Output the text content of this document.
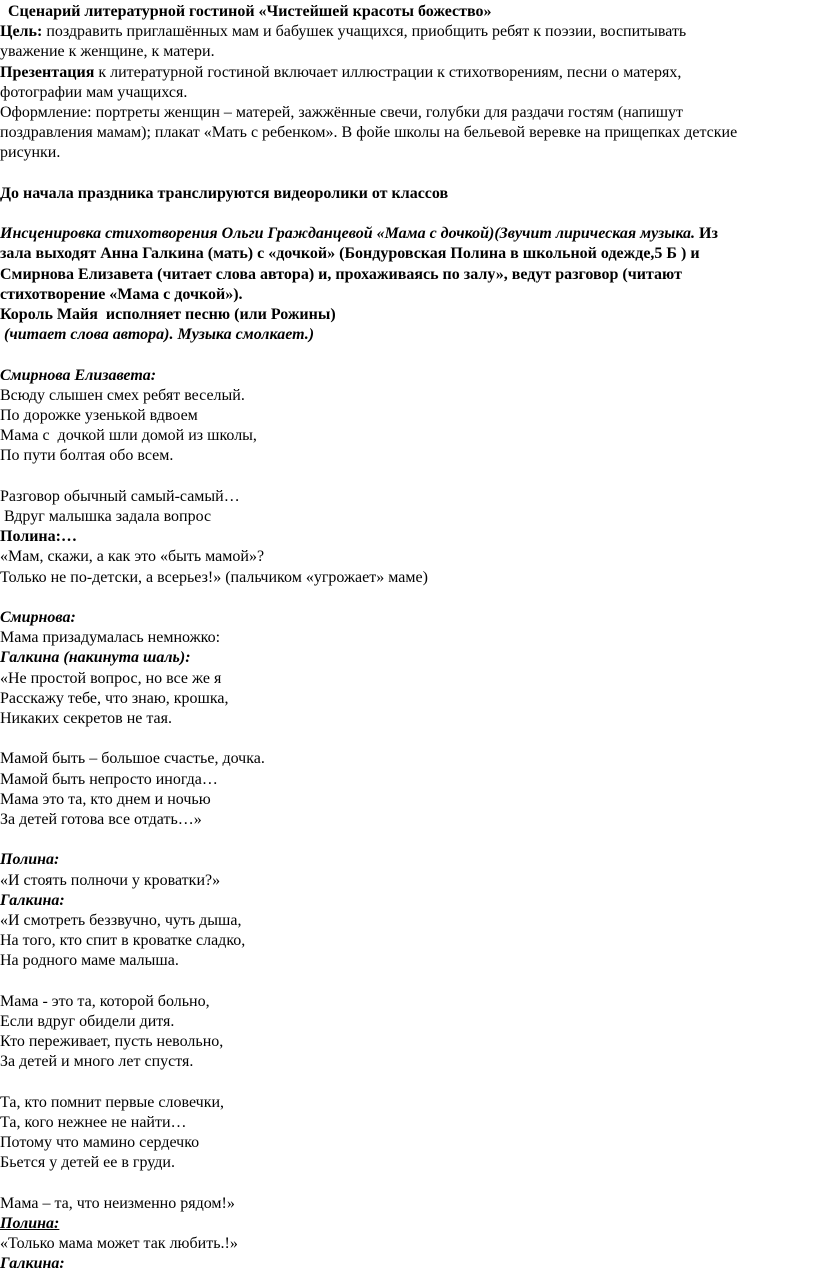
Сценарий литературной гостиной «Чистейшей красоты божество»
Цель: поздравить приглашённых мам и бабушек учащихся, приобщить ребят к поэзии, воспитывать
уважение к женщине, к матери.
Презентация к литературной гостиной включает иллюстрации к стихотворениям, песни о матерях,
фотографии мам учащихся.
Оформление: портреты женщин – матерей, зажжённые свечи, голубки для раздачи гостям (напишут
поздравления мамам); плакат «Мать с ребенком». В фойе школы на бельевой веревке на прищепках детские
рисунки.
До начала праздника транслируются видеоролики от классов
Инсценировка стихотворения Ольги Гражданцевой «Мама с дочкой)(Звучит лирическая музыка. Из
зала выходят Анна Галкина (мать) с «дочкой» (Бондуровская Полина в школьной одежде,5 Б ) и
Смирнова Елизавета (читает слова автора) и, прохаживаясь по залу», ведут разговор (читают
стихотворение «Мама с дочкой»).
Король Майя  исполняет песню (или Рожины)
(читает слова автора). Музыка смолкает.)
Смирнова Елизавета:
Всюду слышен смех ребят веселый.
По дорожке узенькой вдвоем
Мама с  дочкой шли домой из школы,
По пути болтая обо всем.
Разговор обычный самый-самый…
Вдруг малышка задала вопрос
Полина:…
«Мам, скажи, а как это «быть мамой»?
Только не по-детски, а всерьез!» (пальчиком «угрожает» маме)
Смирнова:
Мама призадумалась немножко:
Галкина (накинута шаль):
«Не простой вопрос, но все же я
Расскажу тебе, что знаю, крошка,
Никаких секретов не тая.
Мамой быть – большое счастье, дочка.
Мамой быть непросто иногда…
Мама это та, кто днем и ночью
За детей готова все отдать…»
Полина:
«И стоять полночи у кроватки?»
Галкина:
«И смотреть беззвучно, чуть дыша,
На того, кто спит в кроватке сладко,
На родного маме малыша.
Мама - это та, которой больно,
Если вдруг обидели дитя.
Кто переживает, пусть невольно,
За детей и много лет спустя.
Та, кто помнит первые словечки,
Та, кого нежнее не найти…
Потому что мамино сердечко
Бьется у детей ее в груди.
Мама – та, что неизменно рядом!»
Полина:
«Только мама может так любить.!»
Галкина:
